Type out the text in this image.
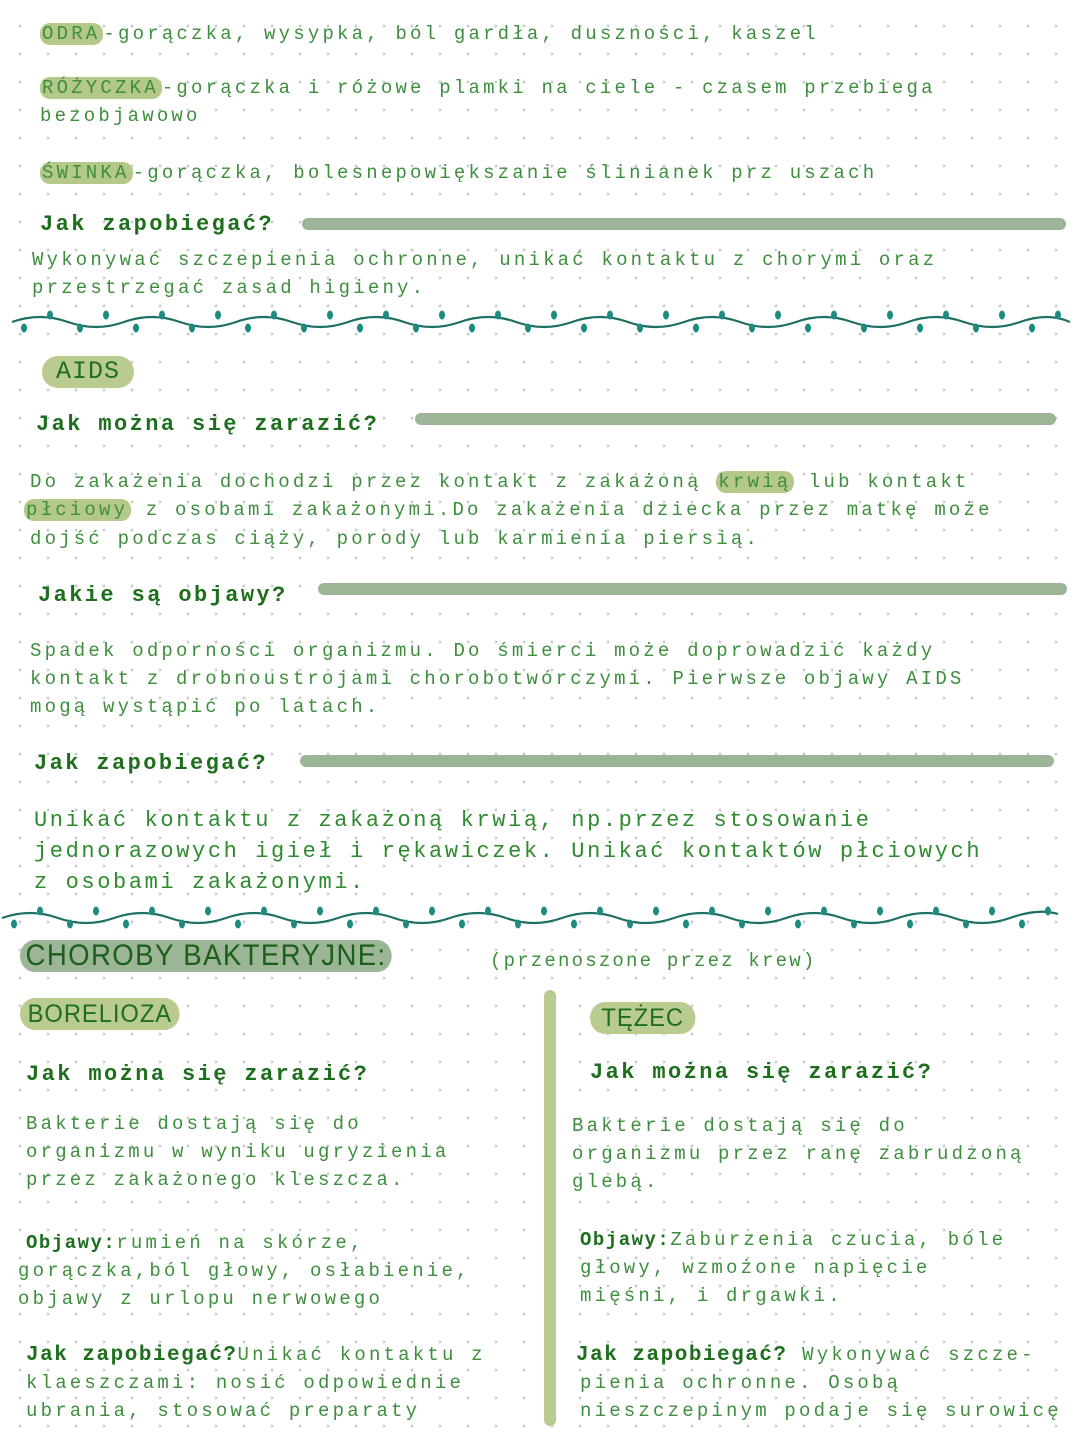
ODRA -gorączka, wysypka, ból gardła, duszności, kaszel
RÓŻYCZKA -gorączka i różowe plamki na ciele - czasem przebiega
bezobjawowo
ŚWINKA -gorączka, bolesnepowiększanie ślinianek prz uszach
Jak zapobiegać?
Wykonywać szczepienia ochronne, unikać kontaktu z chorymi oraz
przestrzegać zasad higieny.
AIDS
Jak można się zarazić?
Do zakażenia dochodzi przez kontakt z zakażoną krwią lub kontakt
płciowy z osobami zakażonymi.Do zakażenia dziecka przez matkę może
dojść podczas ciąży, porody lub karmienia piersią.
Jakie są objawy?
Spadek odporności organizmu. Do śmierci może doprowadzić każdy
kontakt z drobnoustrojami chorobotwórczymi. Pierwsze objawy AIDS
mogą wystąpić po latach.
Jak zapobiegać?
Unikać kontaktu z zakażoną krwią, np.przez stosowanie
jednorazowych igieł i rękawiczek. Unikać kontaktów płciowych
z osobami zakażonymi.
CHOROBY BAKTERYJNE:	(przenoszone przez krew)
BORELIOZA
Jak można się zarazić?
Bakterie dostają się do
organizmu w wyniku ugryzienia
przez zakażonego kleszcza.
Objawy:rumień na skórze,
gorączka,ból głowy, osłabienie,
objawy z urlopu nerwowego
Jak zapobiegać?Unikać kontaktu z
klaeszczami: nosić odpowiednie
ubrania, stosować preparaty
TĘŻEC
Jak można się zarazić?
Bakterie dostają się do
organizmu przez ranę zabrudzoną
glebą.
Objawy:Zaburzenia czucia, bóle
głowy, wzmożone napięcie
mięśni, i drgawki.
Jak zapobiegać? Wykonywać szcze-
pienia ochronne. Osobą
nieszczepinym podaje się surowicę
